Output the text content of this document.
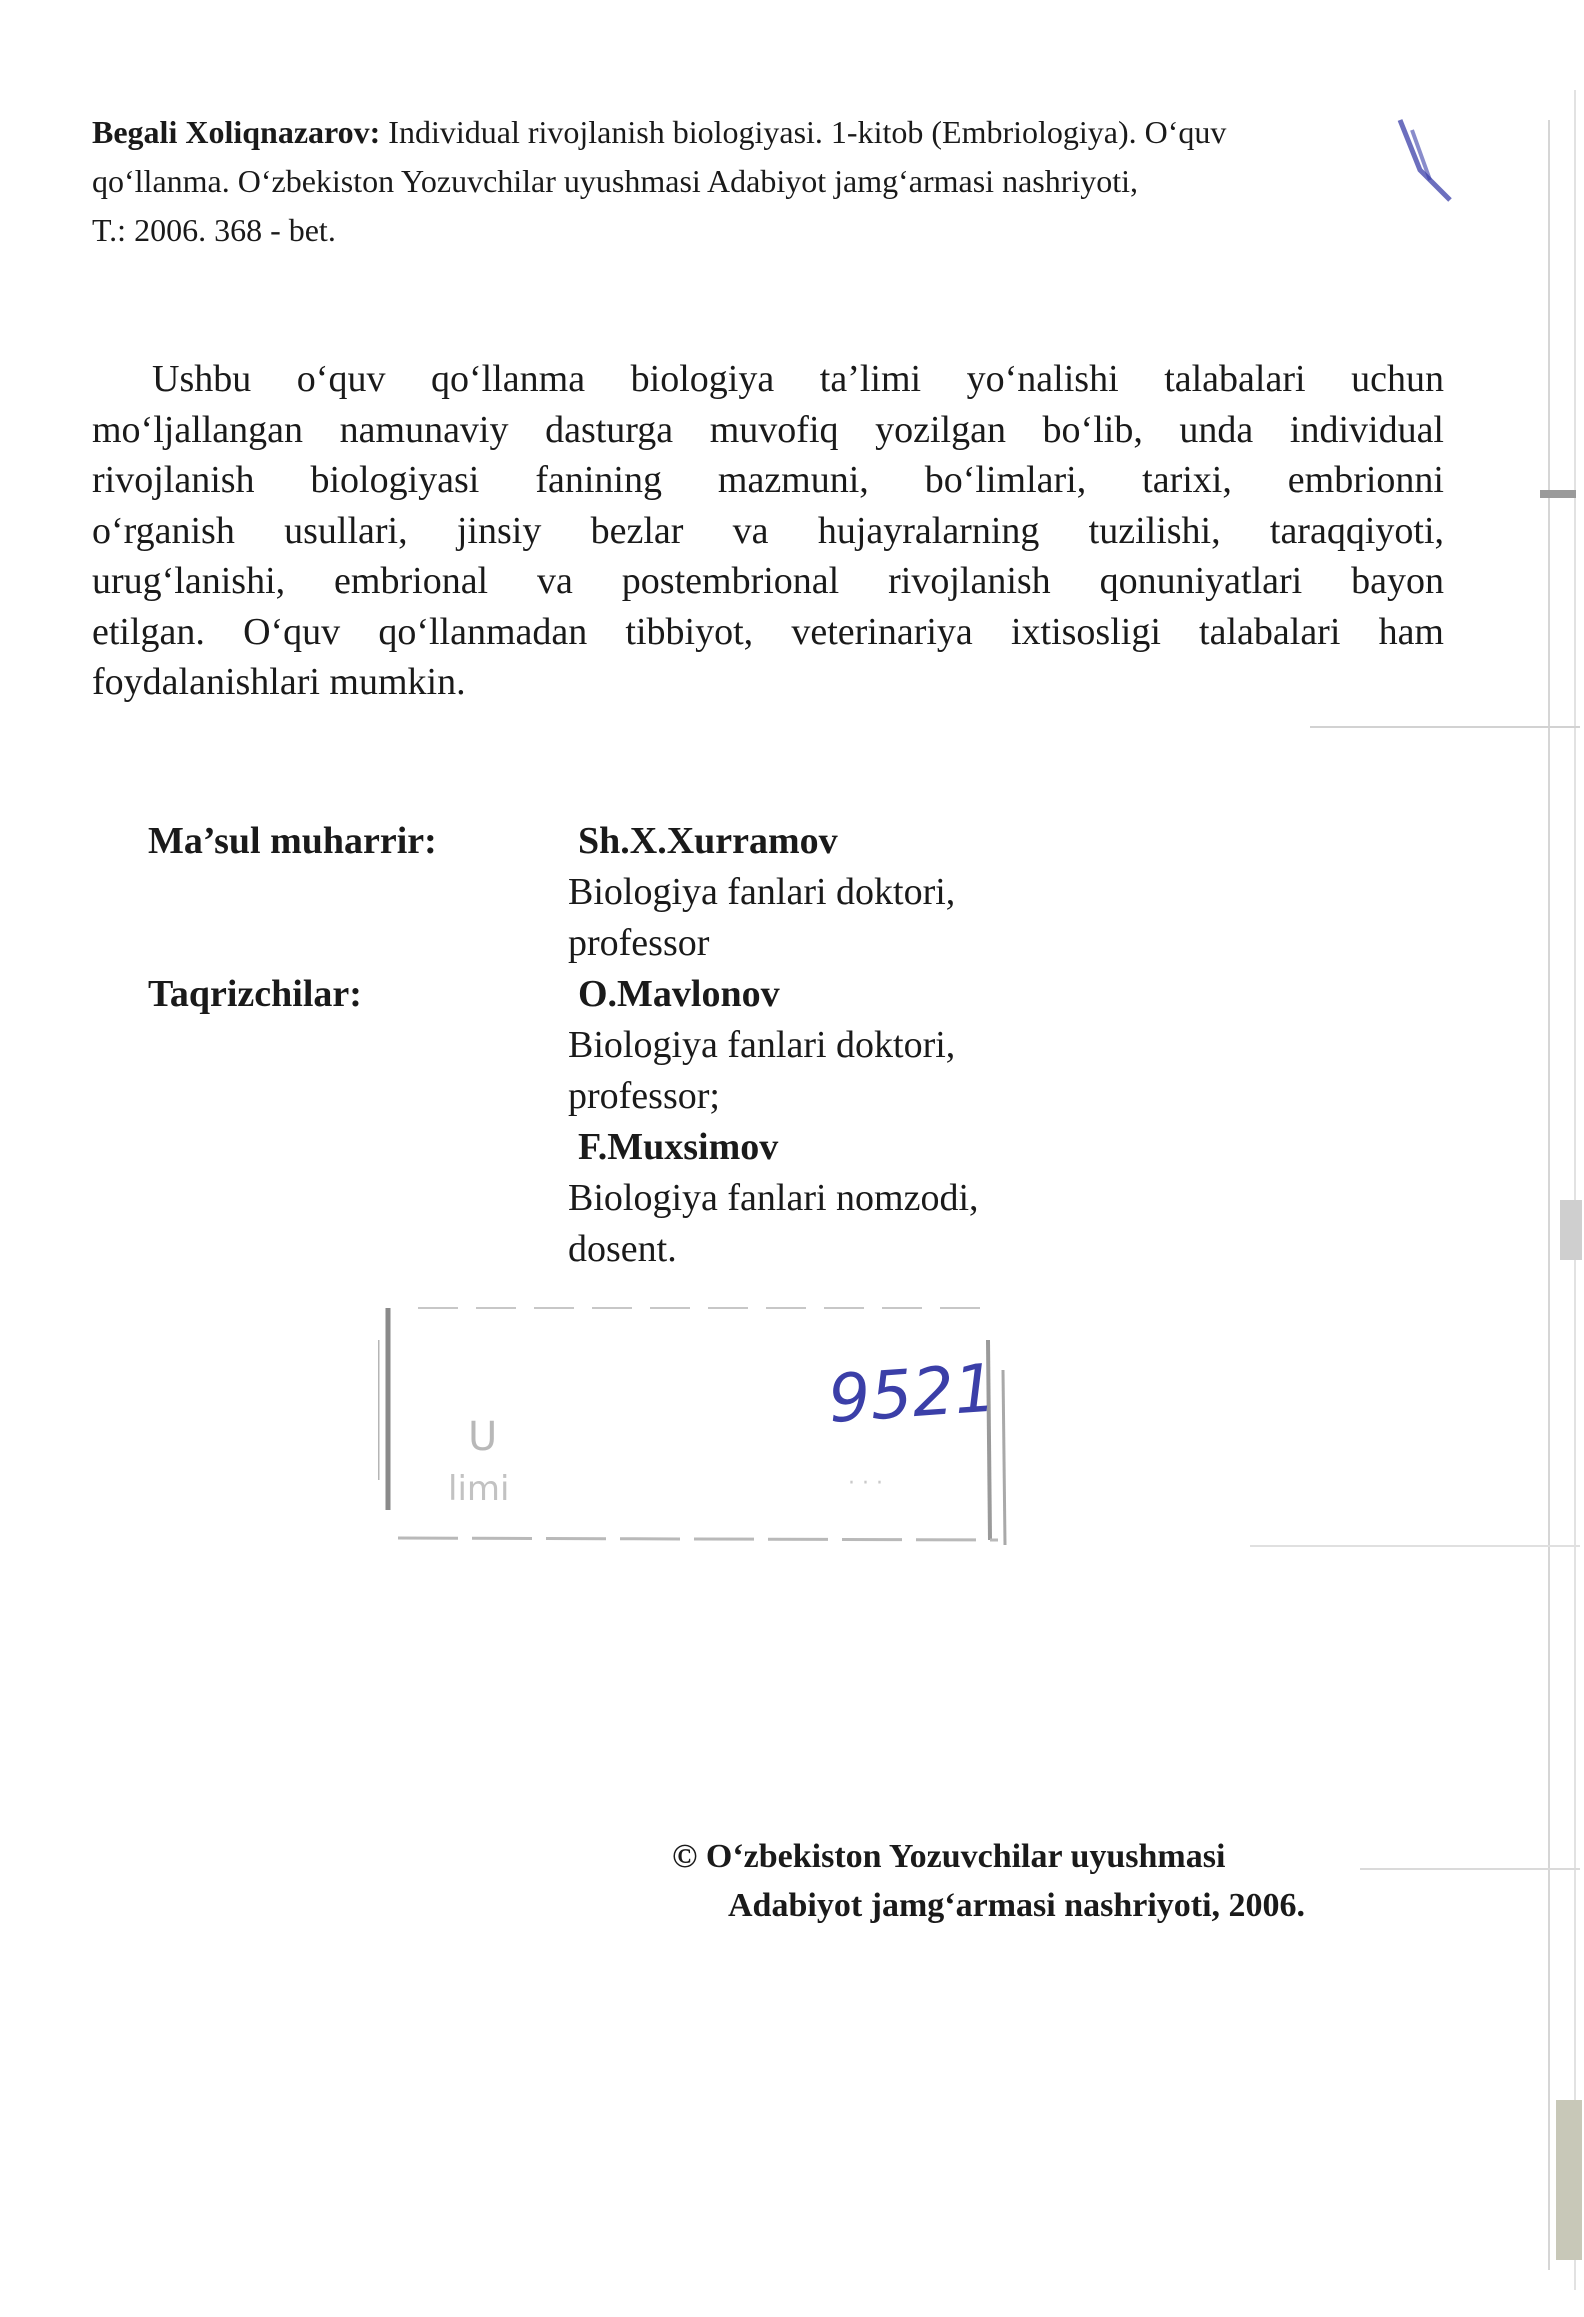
Begali Xoliqnazarov: Individual rivojlanish biologiyasi. 1-kitob (Embriologiya). O‘quv
qo‘llanma. O‘zbekiston Yozuvchilar uyushmasi Adabiyot jamg‘armasi nashriyoti,
T.: 2006. 368 - bet.

Ushbu o‘quv qo‘llanma biologiya ta’limi yo‘nalishi talabalari uchun
mo‘ljallangan namunaviy dasturga muvofiq yozilgan bo‘lib, unda individual
rivojlanish biologiyasi fanining mazmuni, bo‘limlari, tarixi, embrionni
o‘rganish usullari, jinsiy bezlar va hujayralarning tuzilishi, taraqqiyoti,
urug‘lanishi, embrional va postembrional rivojlanish qonuniyatlari bayon
etilgan. O‘quv qo‘llanmadan tibbiyot, veterinariya ixtisosligi talabalari ham
foydalanishlari mumkin.

Ma’sul muharrir:	Sh.X.Xurramov
Biologiya fanlari doktori,
professor
Taqrizchilar:	O.Mavlonov
Biologiya fanlari doktori,
professor;
F.Muxsimov
Biologiya fanlari nomzodi,
dosent.
U
limi
9521
· · ·
© O‘zbekiston Yozuvchilar uyushmasi
Adabiyot jamg‘armasi nashriyoti, 2006.
